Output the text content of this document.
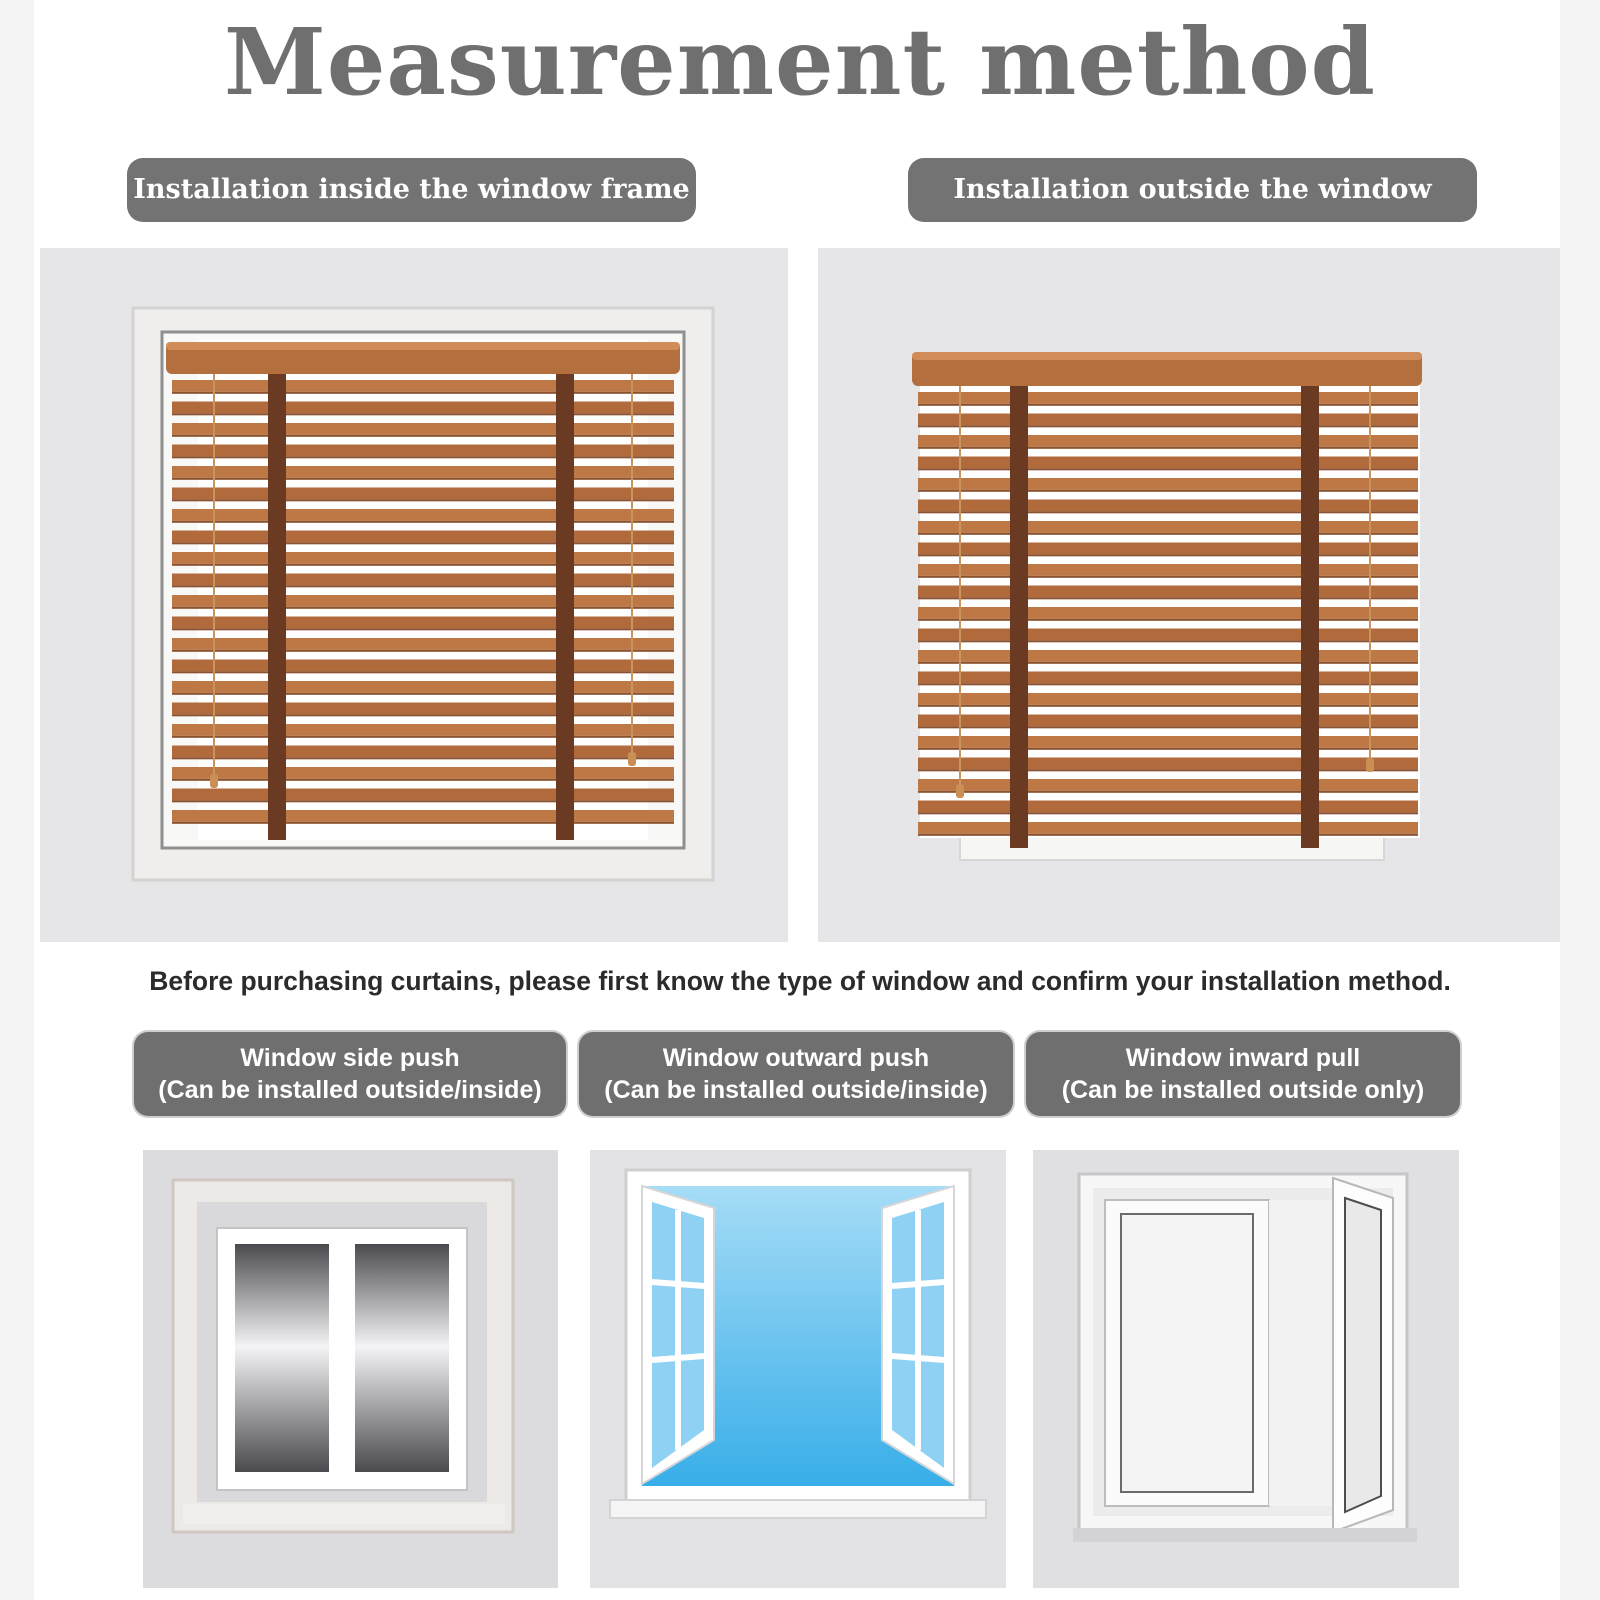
Measurement method
Installation inside the window frame	Installation outside the window
Before purchasing curtains, please first know the type of window and confirm your installation method.
Window side push
(Can be installed outside/inside)
Window outward push
(Can be installed outside/inside)
Window inward pull
(Can be installed outside only)
